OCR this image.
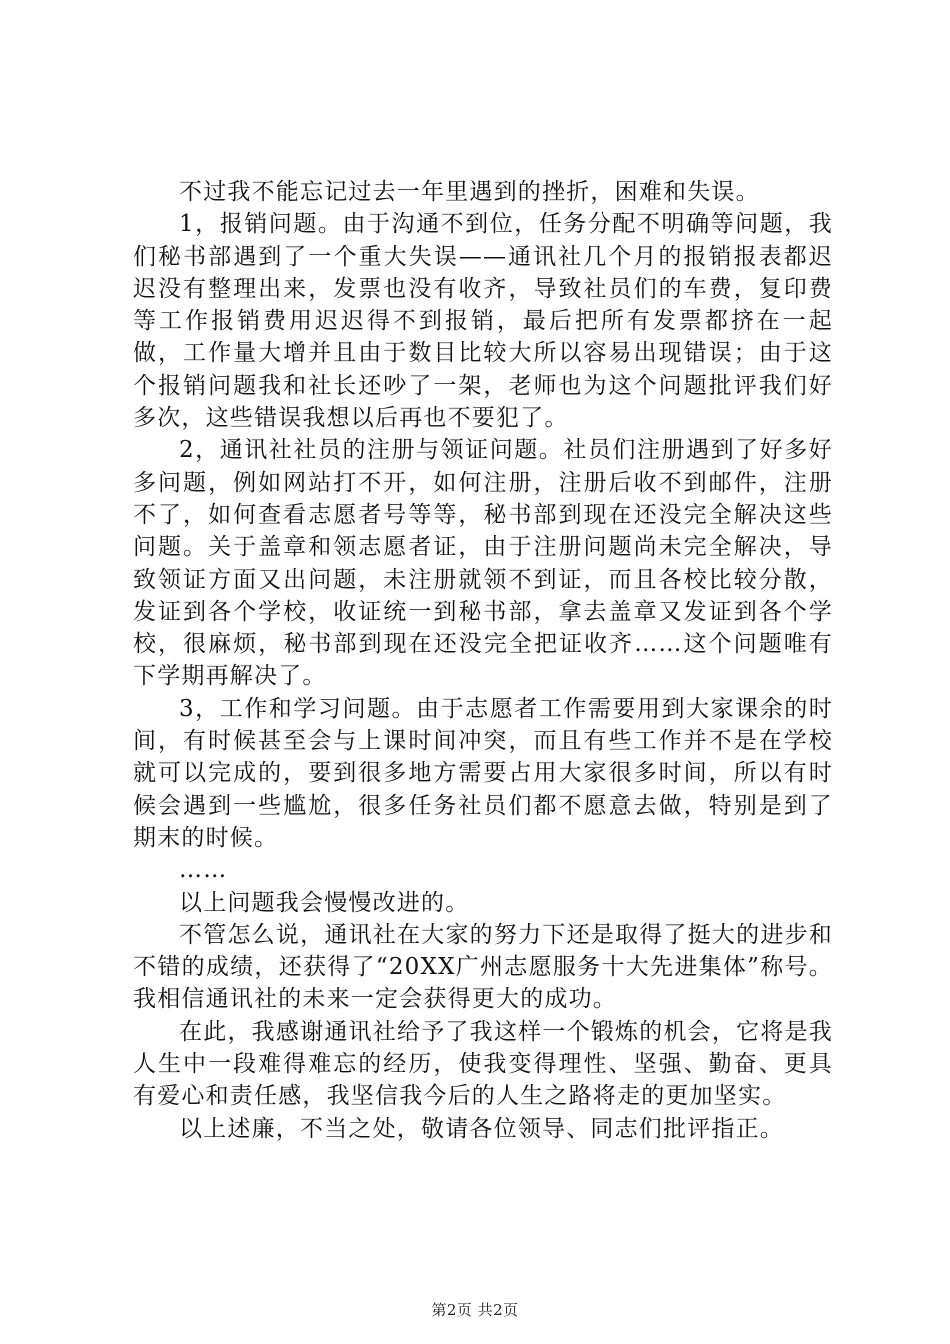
不过我不能忘记过去一年里遇到的挫折，困难和失误。

1，报销问题。由于沟通不到位，任务分配不明确等问题，我们秘书部遇到了一个重大失误——通讯社几个月的报销报表都迟迟没有整理出来，发票也没有收齐，导致社员们的车费，复印费等工作报销费用迟迟得不到报销，最后把所有发票都挤在一起做，工作量大增并且由于数目比较大所以容易出现错误；由于这个报销问题我和社长还吵了一架，老师也为这个问题批评我们好多次，这些错误我想以后再也不要犯了。

2，通讯社社员的注册与领证问题。社员们注册遇到了好多好多问题，例如网站打不开，如何注册，注册后收不到邮件，注册不了，如何查看志愿者号等等，秘书部到现在还没完全解决这些问题。关于盖章和领志愿者证，由于注册问题尚未完全解决，导致领证方面又出问题，未注册就领不到证，而且各校比较分散，发证到各个学校，收证统一到秘书部，拿去盖章又发证到各个学校，很麻烦，秘书部到现在还没完全把证收齐……这个问题唯有下学期再解决了。

3，工作和学习问题。由于志愿者工作需要用到大家课余的时间，有时候甚至会与上课时间冲突，而且有些工作并不是在学校就可以完成的，要到很多地方需要占用大家很多时间，所以有时候会遇到一些尴尬，很多任务社员们都不愿意去做，特别是到了期末的时候。

……

以上问题我会慢慢改进的。

不管怎么说，通讯社在大家的努力下还是取得了挺大的进步和不错的成绩，还获得了“20XX广州志愿服务十大先进集体”称号。我相信通讯社的未来一定会获得更大的成功。

在此，我感谢通讯社给予了我这样一个锻炼的机会，它将是我人生中一段难得难忘的经历，使我变得理性、坚强、勤奋、更具有爱心和责任感，我坚信我今后的人生之路将走的更加坚实。

以上述廉，不当之处，敬请各位领导、同志们批评指正。

第2页 共2页
